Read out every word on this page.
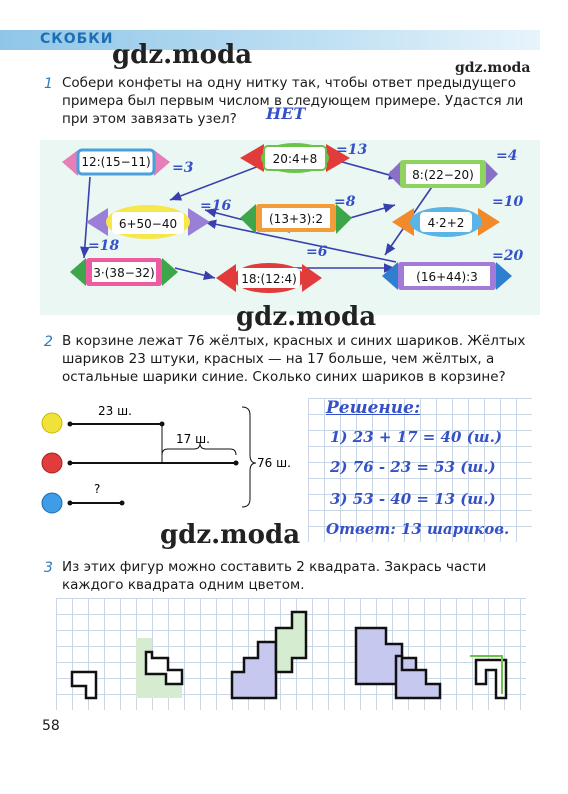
СКОБКИ
gdz.moda	gdz.moda
1 Собери конфеты на одну нитку так, чтобы ответ предыдущего примера был первым числом в следующем примере. Удастся ли при этом завязать узел?	НЕТ
12:(15−11) =3
20:4+8
=13
8:(22−20)
=4
6+50−40
=16
(13+3):2
=8
4·2+2
=10
3·(38−32)
=18
18:(12:4)
=6
(16+44):3
=20
gdz.moda
2 В корзине лежат 76 жёлтых, красных и синих шариков. Жёлтых шариков 23 штуки, красных — на 17 больше, чем жёлтых, а остальные шарики синие. Сколько синих шариков в корзине?
23 ш.
17 ш.
76 ш.
?
Решение:
1) 23 + 17 = 40 (ш.)
2) 76 - 23 = 53 (ш.)
3) 53 - 40 = 13 (ш.)
Ответ: 13 шариков.
gdz.moda
3 Из этих фигур можно составить 2 квадрата. Закрась части каждого квадрата одним цветом.
58
